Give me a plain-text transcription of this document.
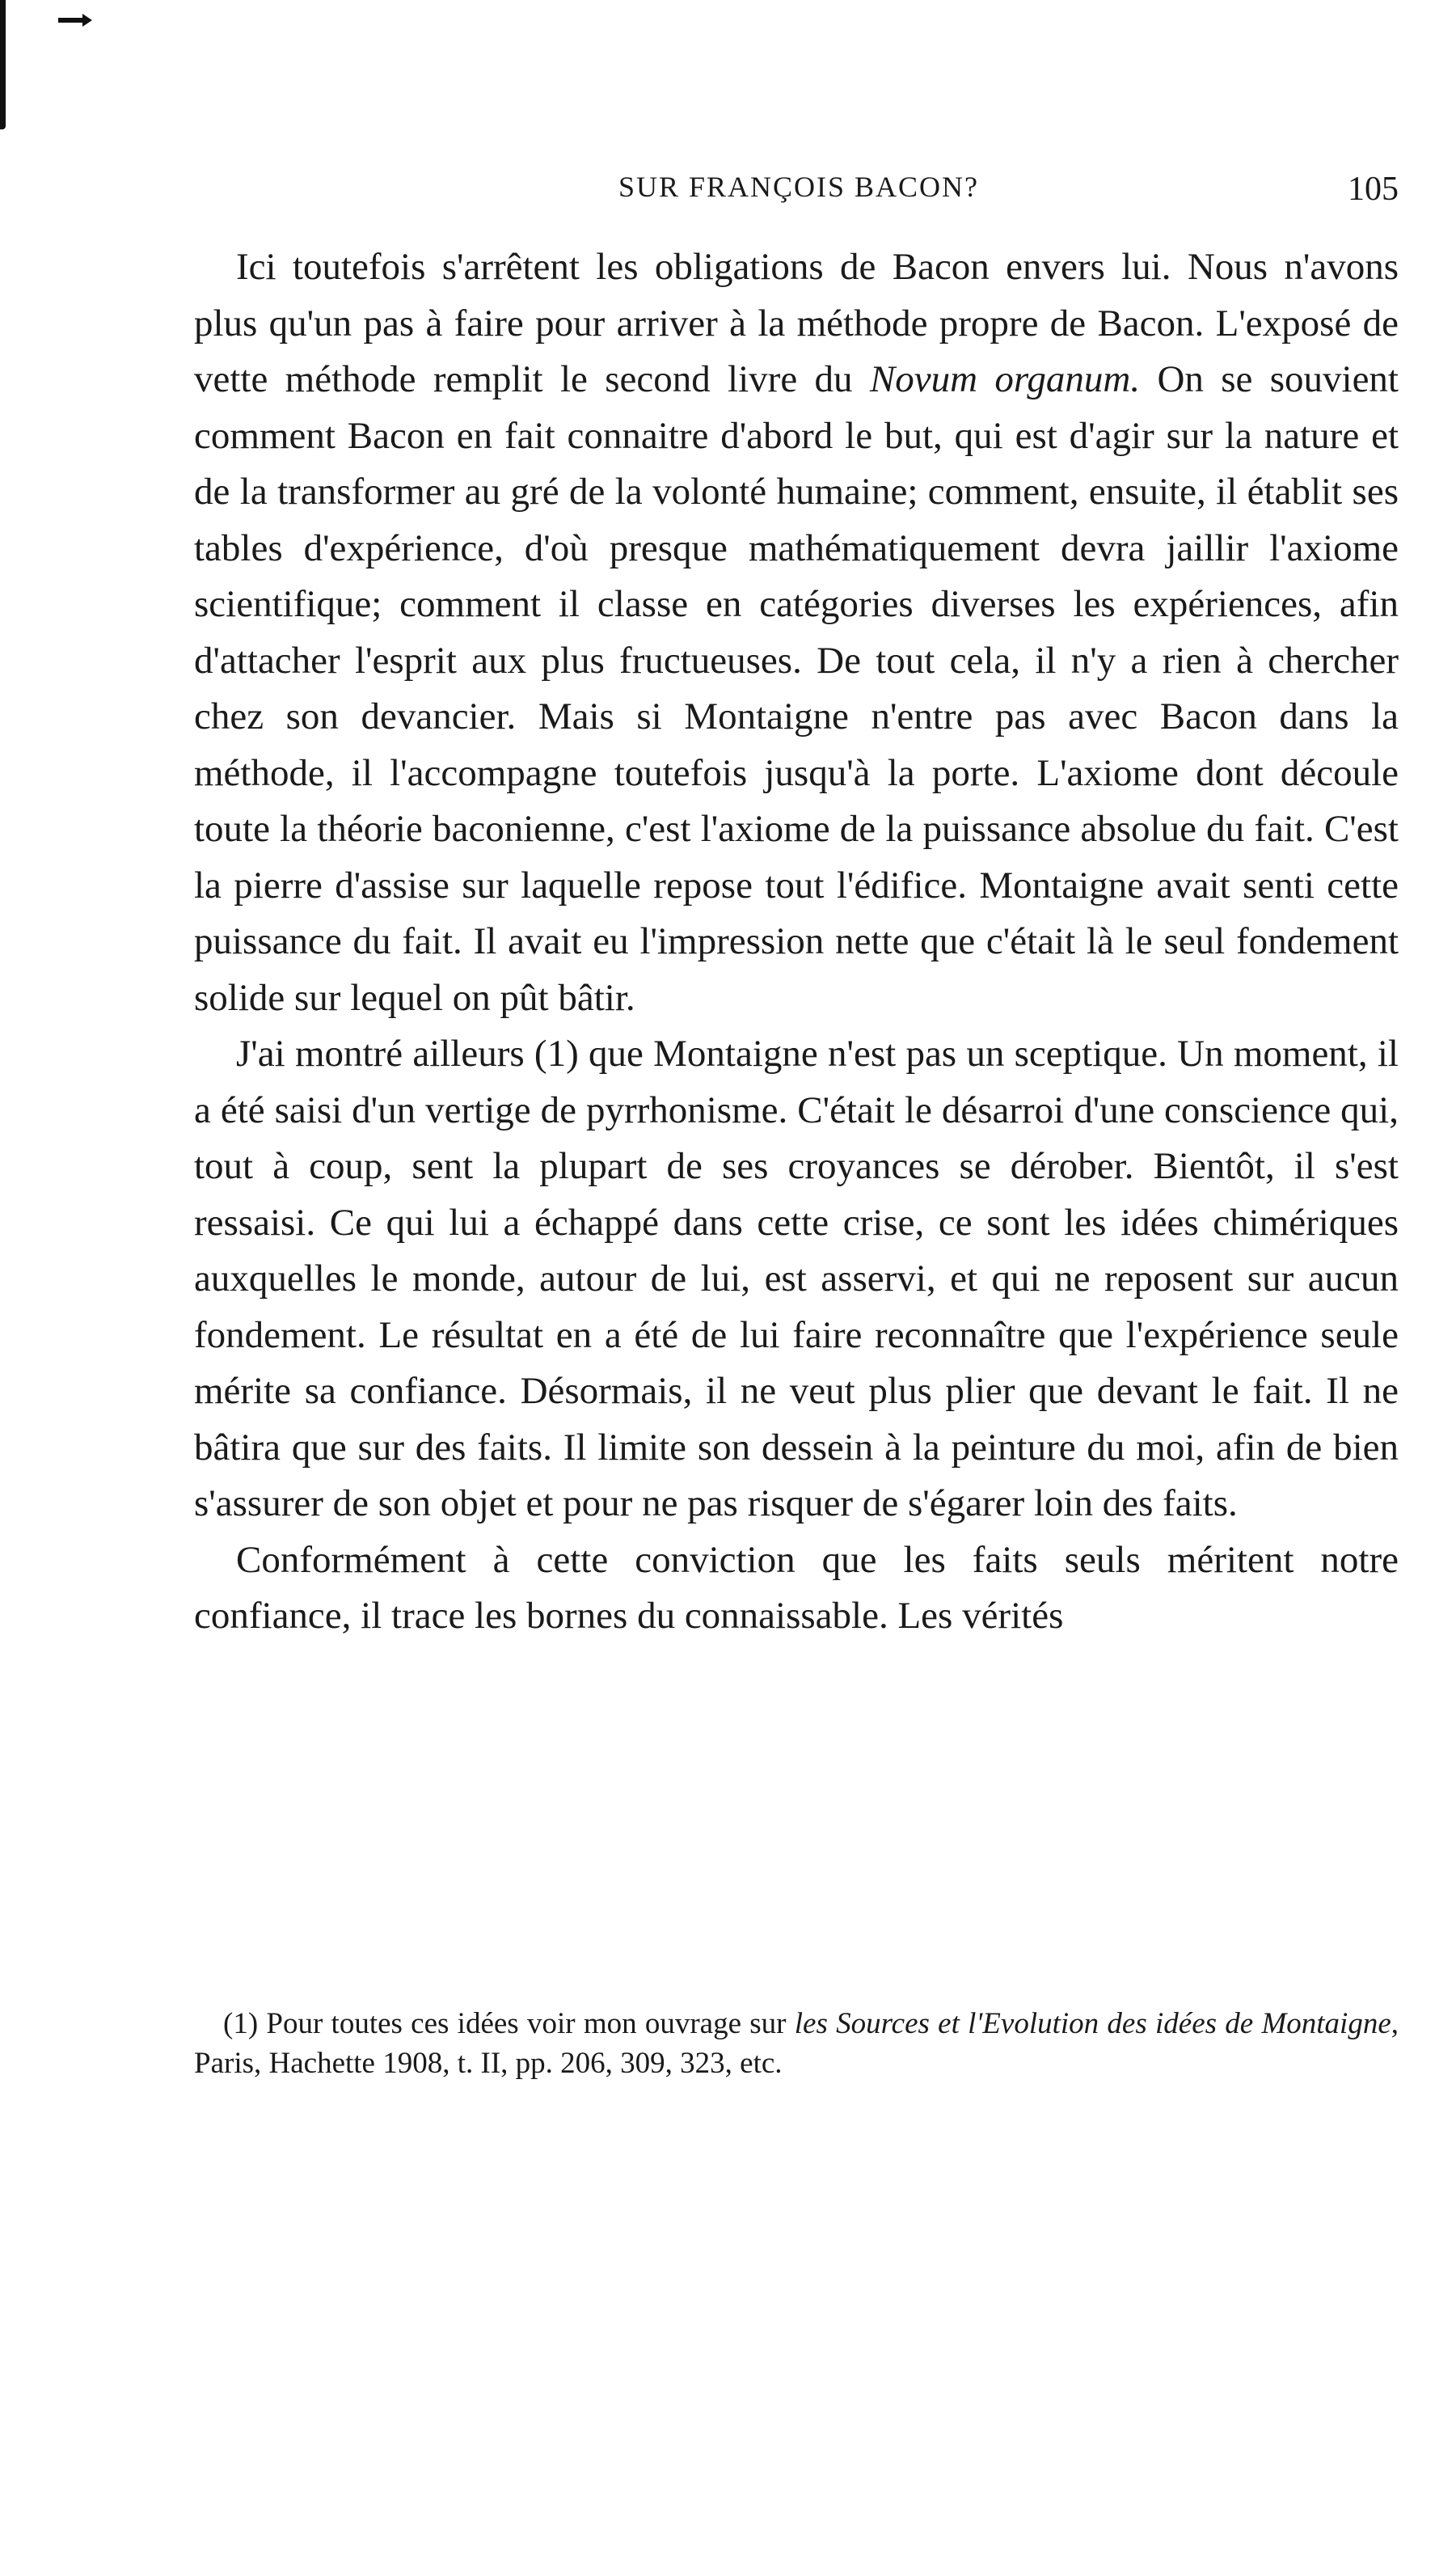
SUR FRANÇOIS BACON?	105

Ici toutefois s'arrêtent les obligations de Bacon envers lui. Nous n'avons plus qu'un pas à faire pour arriver à la méthode propre de Bacon. L'exposé de vette méthode remplit le second livre du Novum organum. On se souvient comment Bacon en fait connaitre d'abord le but, qui est d'agir sur la nature et de la transformer au gré de la volonté humaine; comment, ensuite, il établit ses tables d'expérience, d'où presque mathématiquement devra jaillir l'axiome scientifique; comment il classe en catégories diverses les expériences, afin d'attacher l'esprit aux plus fructueuses. De tout cela, il n'y a rien à chercher chez son devancier. Mais si Montaigne n'entre pas avec Bacon dans la méthode, il l'accompagne toutefois jusqu'à la porte. L'axiome dont découle toute la théorie baconienne, c'est l'axiome de la puissance absolue du fait. C'est la pierre d'assise sur laquelle repose tout l'édifice. Montaigne avait senti cette puissance du fait. Il avait eu l'impression nette que c'était là le seul fondement solide sur lequel on pût bâtir.

J'ai montré ailleurs (1) que Montaigne n'est pas un sceptique. Un moment, il a été saisi d'un vertige de pyrrhonisme. C'était le désarroi d'une conscience qui, tout à coup, sent la plupart de ses croyances se dérober. Bientôt, il s'est ressaisi. Ce qui lui a échappé dans cette crise, ce sont les idées chimériques auxquelles le monde, autour de lui, est asservi, et qui ne reposent sur aucun fondement. Le résultat en a été de lui faire reconnaître que l'expérience seule mérite sa confiance. Désormais, il ne veut plus plier que devant le fait. Il ne bâtira que sur des faits. Il limite son dessein à la peinture du moi, afin de bien s'assurer de son objet et pour ne pas risquer de s'égarer loin des faits.

Conformément à cette conviction que les faits seuls méritent notre confiance, il trace les bornes du connaissable. Les vérités

(1) Pour toutes ces idées voir mon ouvrage sur les Sources et l'Evolution des idées de Montaigne, Paris, Hachette 1908, t. II, pp. 206, 309, 323, etc.
